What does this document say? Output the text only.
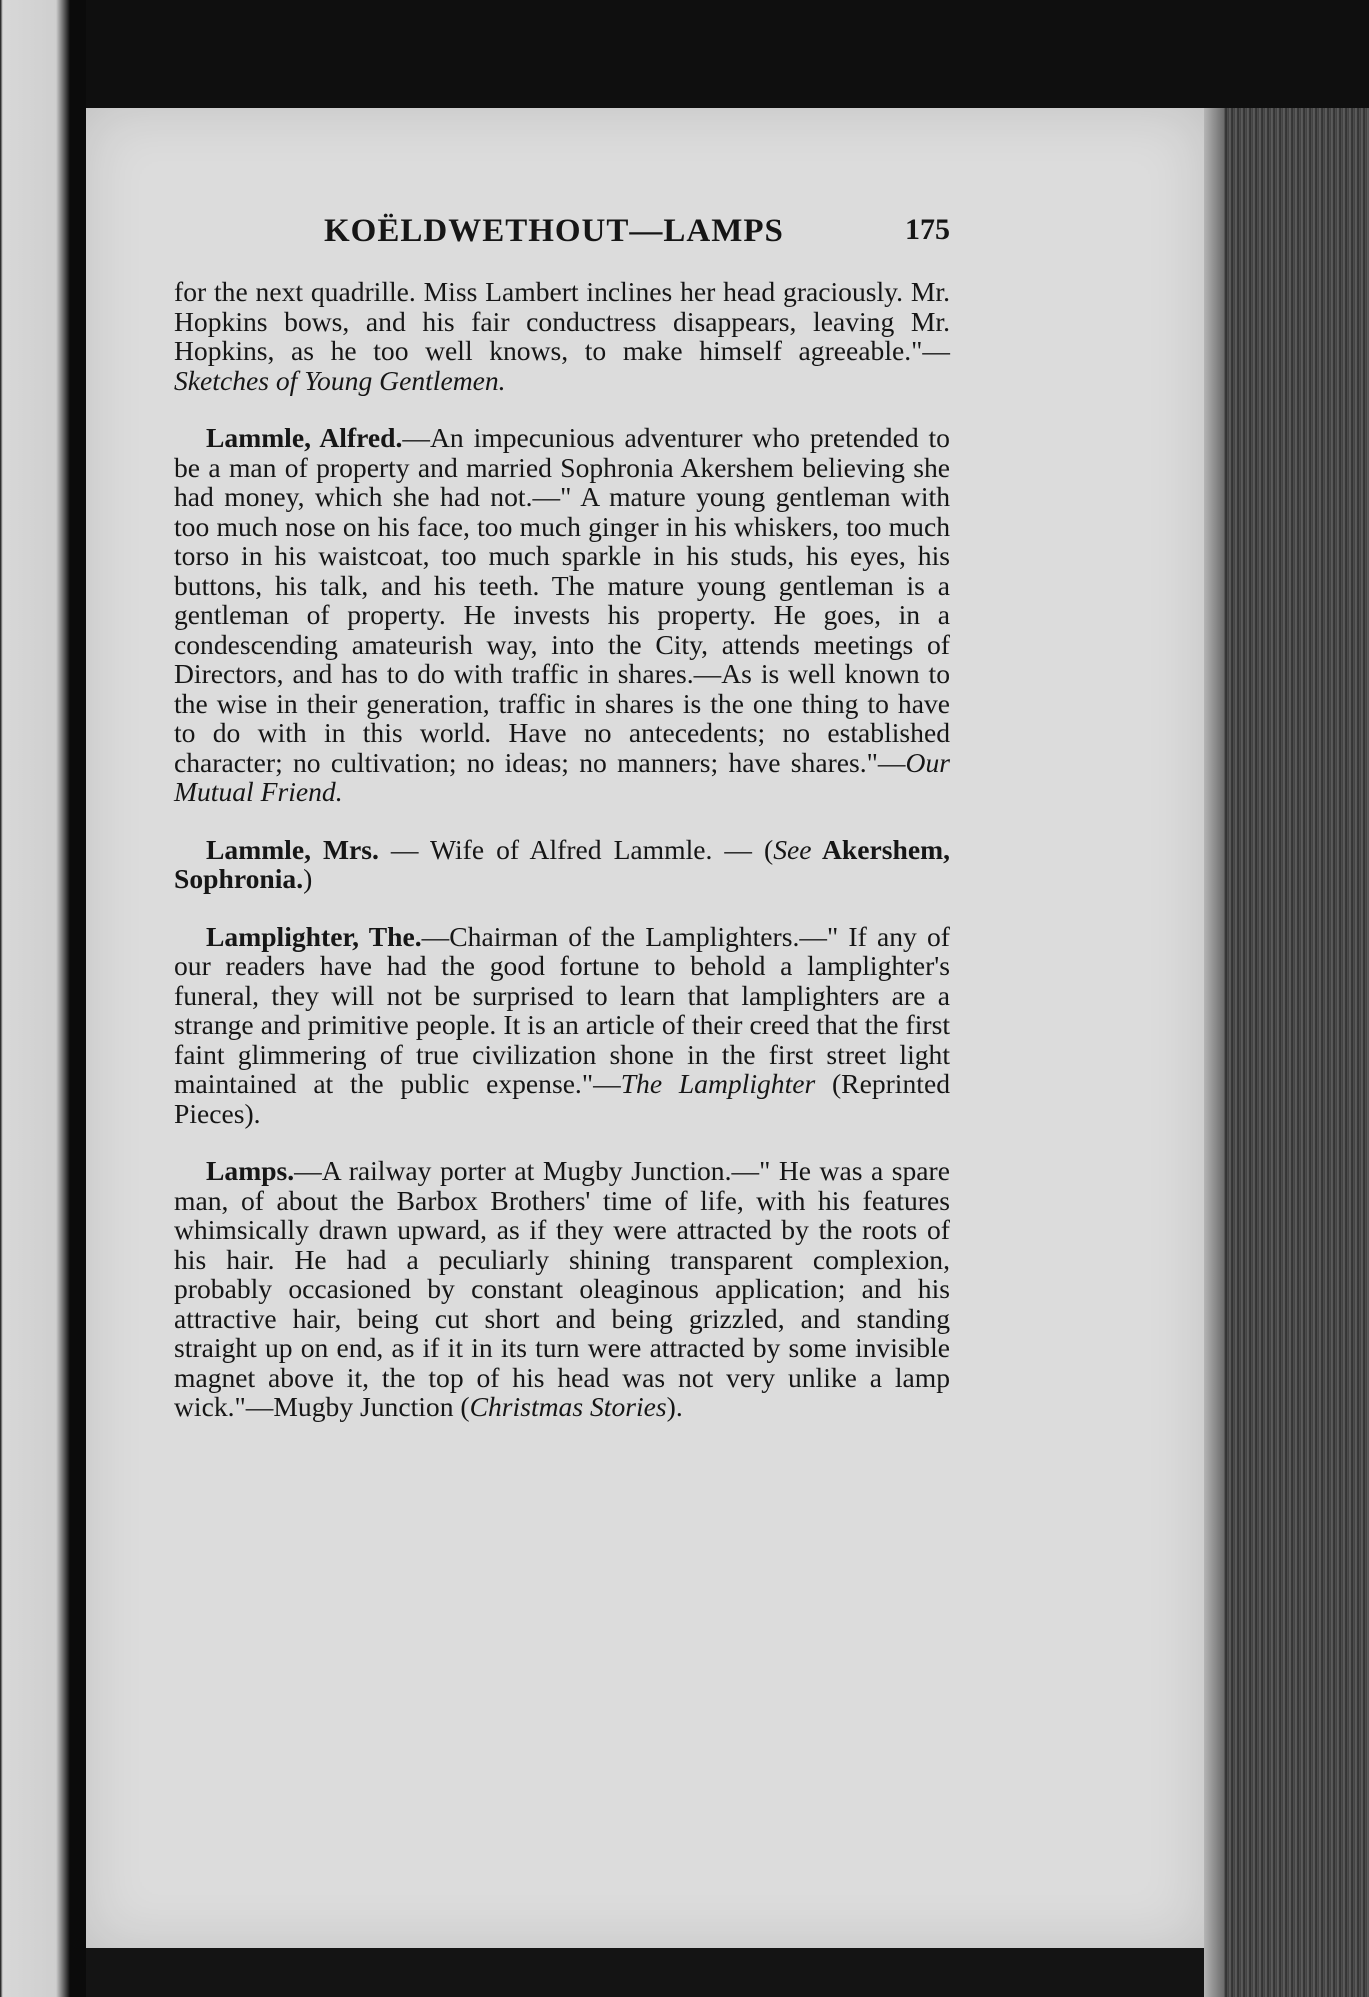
KOËLDWETHOUT—LAMPS	175

for the next quadrille. Miss Lambert inclines her head graciously. Mr. Hopkins bows, and his fair conductress disappears, leaving Mr. Hopkins, as he too well knows, to make himself agreeable."—Sketches of Young Gentlemen.

Lammle, Alfred.—An impecunious adventurer who pretended to be a man of property and married Sophronia Akershem believing she had money, which she had not.—" A mature young gentleman with too much nose on his face, too much ginger in his whiskers, too much torso in his waistcoat, too much sparkle in his studs, his eyes, his buttons, his talk, and his teeth. The mature young gentleman is a gentleman of property. He invests his property. He goes, in a condescending amateurish way, into the City, attends meetings of Directors, and has to do with traffic in shares.—As is well known to the wise in their generation, traffic in shares is the one thing to have to do with in this world. Have no antecedents; no established character; no cultivation; no ideas; no manners; have shares."—Our Mutual Friend.

Lammle, Mrs. — Wife of Alfred Lammle. — (See Akershem, Sophronia.)

Lamplighter, The.—Chairman of the Lamplighters.—" If any of our readers have had the good fortune to behold a lamplighter's funeral, they will not be surprised to learn that lamplighters are a strange and primitive people. It is an article of their creed that the first faint glimmering of true civilization shone in the first street light maintained at the public expense."—The Lamplighter (Reprinted Pieces).

Lamps.—A railway porter at Mugby Junction.—" He was a spare man, of about the Barbox Brothers' time of life, with his features whimsically drawn upward, as if they were attracted by the roots of his hair. He had a peculiarly shining transparent complexion, probably occasioned by constant oleaginous application; and his attractive hair, being cut short and being grizzled, and standing straight up on end, as if it in its turn were attracted by some invisible magnet above it, the top of his head was not very unlike a lamp wick."—Mugby Junction (Christmas Stories).
